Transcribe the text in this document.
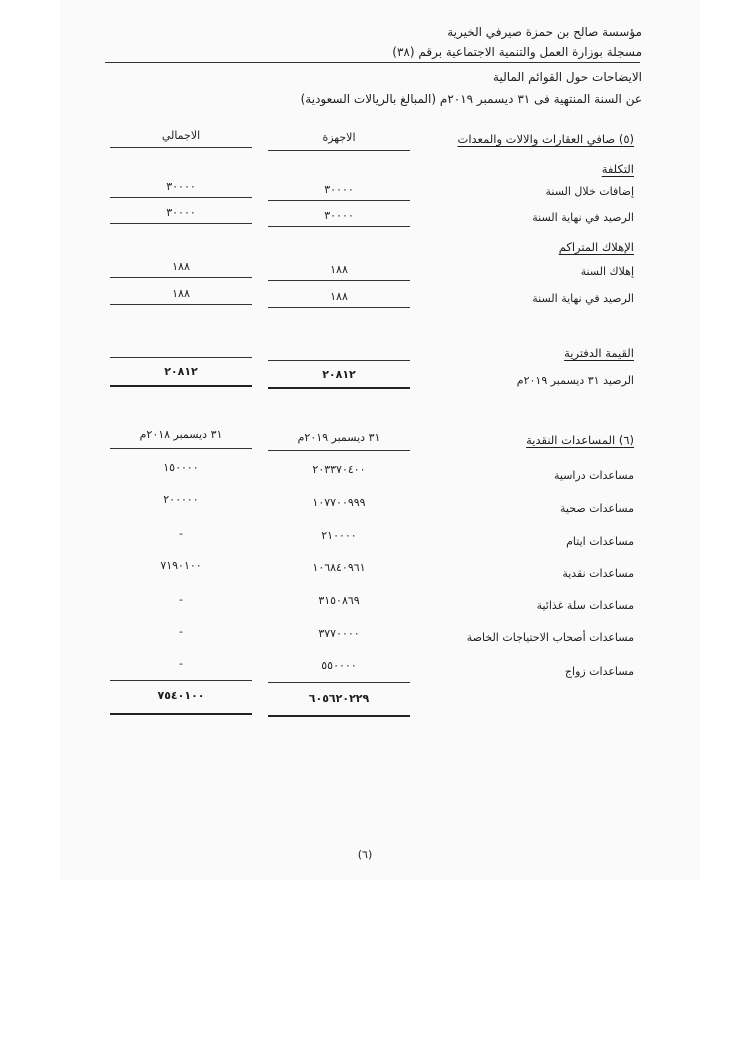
مؤسسة صالح بن حمزة صيرفي الخيرية
مسجلة بوزارة العمل والتنمية الاجتماعية برقم (٣٨)
الايضاحات حول القوائم المالية
عن السنة المنتهية فى ٣١ ديسمبر ٢٠١٩م (المبالغ بالريالات السعودية)
(٥) صافي العقارات والالات والمعدات
الاجهزة
الاجمالي
التكلفة
إضافات خلال السنة
٣٠٠٠٠
٣٠٠٠٠
الرصيد في نهاية السنة
٣٠٠٠٠
٣٠٠٠٠
الإهلاك المتراكم
إهلاك السنة
١٨٨
١٨٨
الرصيد في نهاية السنة
١٨٨
١٨٨
القيمة الدفترية
الرصيد ٣١ ديسمبر ٢٠١٩م
٢٠٨١٢
٢٠٨١٢
(٦) المساعدات النقدية
٣١ ديسمبر ٢٠١٩م
٣١ ديسمبر ٢٠١٨م
مساعدات دراسية
٢٠٣٣٧٠٤٠٠
١٥٠٠٠٠
مساعدات صحية
١٠٧٧٠٠٩٩٩
٢٠٠٠٠٠
مساعدات ايتام
٢١٠٠٠٠
-
مساعدات نقدية
١٠٦٨٤٠٩٦١
٧١٩٠١٠٠
مساعدات سلة غذائية
٣١٥٠٨٦٩
-
مساعدات أصحاب الاحتياجات الخاصة
٣٧٧٠٠٠٠
-
مساعدات زواج
٥٥٠٠٠٠
-
٦٠٥٦٢٠٢٢٩
٧٥٤٠١٠٠
(٦)
